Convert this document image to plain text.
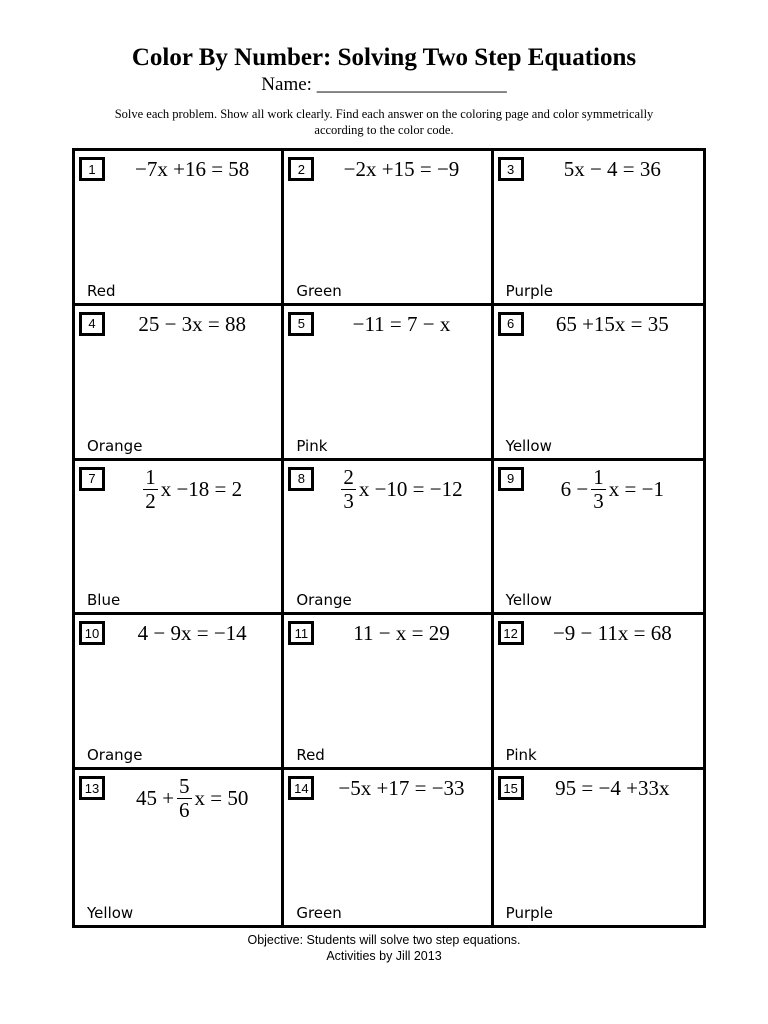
Color By Number: Solving Two Step Equations
Name: ____________________
Solve each problem. Show all work clearly. Find each answer on the coloring page and color symmetrically according to the color code.
1	−7x +16 = 58
Red
2	−2x +15 = −9
Green
3	5x − 4 = 36
Purple
4	25 − 3x = 88
Orange
5	−11 = 7 − x
Pink
6	65 +15x = 35
Yellow
7	$\frac{1}{2}$ x −18 = 2
Blue
8	$\frac{2}{3}$ x −10 = −12
Orange
9	$6 - \frac{1}{3}$ x = −1
Yellow
10 4 − 9x = −14
Orange
11 11 − x = 29
Red
12 −9 − 11x = 68
Pink
13 $45 + \frac{5}{6}$ x = 50
Yellow
14 −5x +17 = −33
Green
15 95 = −4 +33x
Purple
Objective: Students will solve two step equations.
Activities by Jill 2013
